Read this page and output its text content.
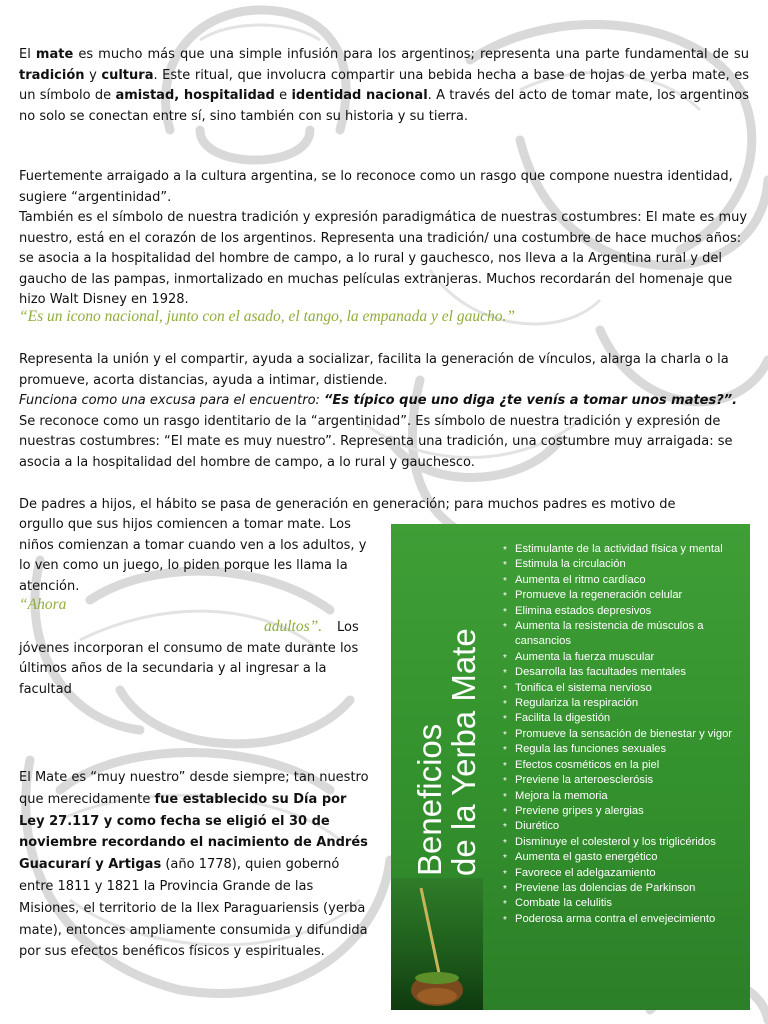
El mate es mucho más que una simple infusión para los argentinos; representa una parte fundamental de su tradición y cultura. Este ritual, que involucra compartir una bebida hecha a base de hojas de yerba mate, es un símbolo de amistad, hospitalidad e identidad nacional. A través del acto de tomar mate, los argentinos no solo se conectan entre sí, sino también con su historia y su tierra.

Fuertemente arraigado a la cultura argentina, se lo reconoce como un rasgo que compone nuestra identidad, sugiere “argentinidad”.
También es el símbolo de nuestra tradición y expresión paradigmática de nuestras costumbres: El mate es muy nuestro, está en el corazón de los argentinos. Representa una tradición/ una costumbre de hace muchos años: se asocia a la hospitalidad del hombre de campo, a lo rural y gauchesco, nos lleva a la Argentina rural y del gaucho de las pampas, inmortalizado en muchas películas extranjeras. Muchos recordarán del homenaje que hizo Walt Disney en 1928.

“Es un icono nacional, junto con el asado, el tango, la empanada y el gaucho.”

Representa la unión y el compartir, ayuda a socializar, facilita la generación de vínculos, alarga la charla o la promueve, acorta distancias, ayuda a intimar, distiende.
Funciona como una excusa para el encuentro: “Es típico que uno diga ¿te venís a tomar unos mates?”.
Se reconoce como un rasgo identitario de la “argentinidad”. Es símbolo de nuestra tradición y expresión de nuestras costumbres: “El mate es muy nuestro”. Representa una tradición, una costumbre muy arraigada: se asocia a la hospitalidad del hombre de campo, a lo rural y gauchesco.

De padres a hijos, el hábito se pasa de generación en generación; para muchos padres es motivo de

orgullo que sus hijos comiencen a tomar mate. Los niños comienzan a tomar cuando ven a los adultos, y lo ven como un juego, lo piden porque les llama la atención.

“Ahora

adultos”.	Los jóvenes incorporan el consumo de mate durante los últimos años de la secundaria y al ingresar a la facultad

El Mate es “muy nuestro” desde siempre; tan nuestro que merecidamente fue establecido su Día por Ley 27.117 y como fecha se eligió el 30 de noviembre recordando el nacimiento de Andrés Guacurarí y Artigas (año 1778), quien gobernó entre 1811 y 1821 la Provincia Grande de las Misiones, el territorio de la Ilex Paraguariensis (yerba mate), entonces ampliamente consumida y difundida por sus efectos benéficos físicos y espirituales.

Beneficios
de la Yerba Mate
* Estimulante de la actividad física y mental
* Estimula la circulación
* Aumenta el ritmo cardíaco
* Promueve la regeneración celular
* Elimina estados depresivos
* Aumenta la resistencia de músculos a cansancios
* Aumenta la fuerza muscular
* Desarrolla las facultades mentales
* Tonifica el sistema nervioso
* Regulariza la respiración
* Facilita la digestión
* Promueve la sensación de bienestar y vigor
* Regula las funciones sexuales
* Efectos cosméticos en la piel
* Previene la arteroesclerósis
* Mejora la memoria
* Previene gripes y alergias
* Diurético
* Disminuye el colesterol y los triglicéridos
* Aumenta el gasto energético
* Favorece el adelgazamiento
* Previene las dolencias de Parkinson
* Combate la celulitis
* Poderosa arma contra el envejecimiento
